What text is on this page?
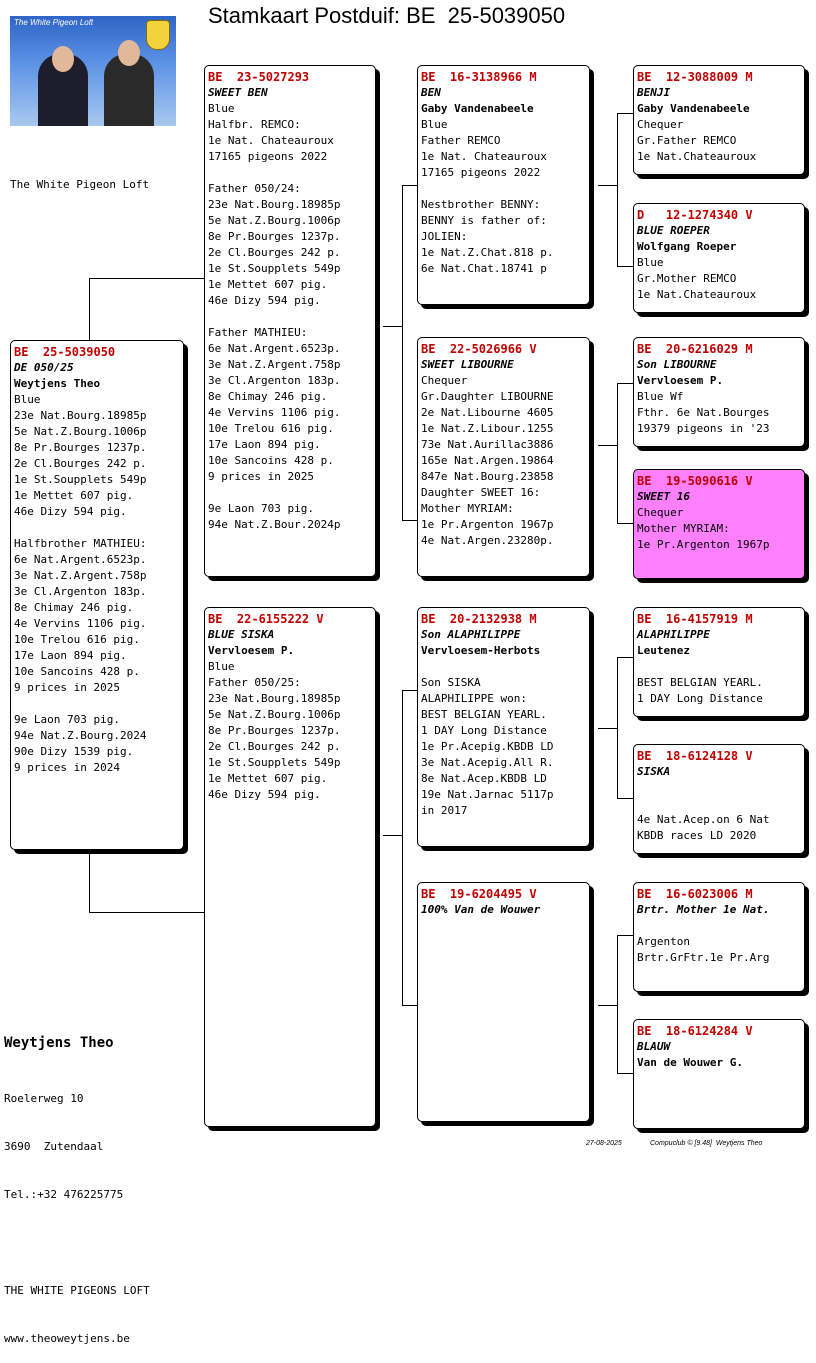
Stamkaart Postduif: BE  25-5039050
The White Pigeon Loft
The White Pigeon Loft
BE  25-5039050
DE 050/25
Weytjens Theo
Blue
23e Nat.Bourg.18985p
5e Nat.Z.Bourg.1006p
8e Pr.Bourges 1237p.
2e Cl.Bourges 242 p.
1e St.Soupplets 549p
1e Mettet 607 pig.
46e Dizy 594 pig.
Halfbrother MATHIEU:
6e Nat.Argent.6523p.
3e Nat.Z.Argent.758p
3e Cl.Argenton 183p.
8e Chimay 246 pig.
4e Vervins 1106 pig.
10e Trelou 616 pig.
17e Laon 894 pig.
10e Sancoins 428 p.
9 prices in 2025
9e Laon 703 pig.
94e Nat.Z.Bourg.2024
90e Dizy 1539 pig.
9 prices in 2024
BE  23-5027293
SWEET BEN
Blue
Halfbr. REMCO:
1e Nat. Chateauroux
17165 pigeons 2022
Father 050/24:
23e Nat.Bourg.18985p
5e Nat.Z.Bourg.1006p
8e Pr.Bourges 1237p.
2e Cl.Bourges 242 p.
1e St.Soupplets 549p
1e Mettet 607 pig.
46e Dizy 594 pig.
Father MATHIEU:
6e Nat.Argent.6523p.
3e Nat.Z.Argent.758p
3e Cl.Argenton 183p.
8e Chimay 246 pig.
4e Vervins 1106 pig.
10e Trelou 616 pig.
17e Laon 894 pig.
10e Sancoins 428 p.
9 prices in 2025
9e Laon 703 pig.
94e Nat.Z.Bour.2024p
BE  22-6155222 V
BLUE SISKA
Vervloesem P.
Blue
Father 050/25:
23e Nat.Bourg.18985p
5e Nat.Z.Bourg.1006p
8e Pr.Bourges 1237p.
2e Cl.Bourges 242 p.
1e St.Soupplets 549p
1e Mettet 607 pig.
46e Dizy 594 pig.
BE  16-3138966 M
BEN
Gaby Vandenabeele
Blue
Father REMCO
1e Nat. Chateauroux
17165 pigeons 2022
Nestbrother BENNY:
BENNY is father of:
JOLIEN:
1e Nat.Z.Chat.818 p.
6e Nat.Chat.18741 p
BE  22-5026966 V
SWEET LIBOURNE
Chequer
Gr.Daughter LIBOURNE
2e Nat.Libourne 4605
1e Nat.Z.Libour.1255
73e Nat.Aurillac3886
165e Nat.Argen.19864
847e Nat.Bourg.23858
Daughter SWEET 16:
Mother MYRIAM:
1e Pr.Argenton 1967p
4e Nat.Argen.23280p.
BE  20-2132938 M
Son ALAPHILIPPE
Vervloesem-Herbots
Son SISKA
ALAPHILIPPE won:
BEST BELGIAN YEARL.
1 DAY Long Distance
1e Pr.Acepig.KBDB LD
3e Nat.Acepig.All R.
8e Nat.Acep.KBDB LD
19e Nat.Jarnac 5117p
in 2017
BE  19-6204495 V
100% Van de Wouwer
BE  12-3088009 M
BENJI
Gaby Vandenabeele
Chequer
Gr.Father REMCO
1e Nat.Chateauroux
D   12-1274340 V
BLUE ROEPER
Wolfgang Roeper
Blue
Gr.Mother REMCO
1e Nat.Chateauroux
BE  20-6216029 M
Son LIBOURNE
Vervloesem P.
Blue Wf
Fthr. 6e Nat.Bourges
19379 pigeons in '23
BE  19-5090616 V
SWEET 16
Chequer
Mother MYRIAM:
1e Pr.Argenton 1967p
BE  16-4157919 M
ALAPHILIPPE
Leutenez
BEST BELGIAN YEARL.
1 DAY Long Distance
BE  18-6124128 V
SISKA
4e Nat.Acep.on 6 Nat
KBDB races LD 2020
BE  16-6023006 M
Brtr. Mother 1e Nat.
Argenton
Brtr.GrFtr.1e Pr.Arg
BE  18-6124284 V
BLAUW
Van de Wouwer G.
Weytjens Theo

Roelerweg 10

3690  Zutendaal

Tel.:+32 476225775

THE WHITE PIGEONS LOFT

www.theoweytjens.be

27-08-2025	Compuclub © [9.48]  Weytjens Theo
